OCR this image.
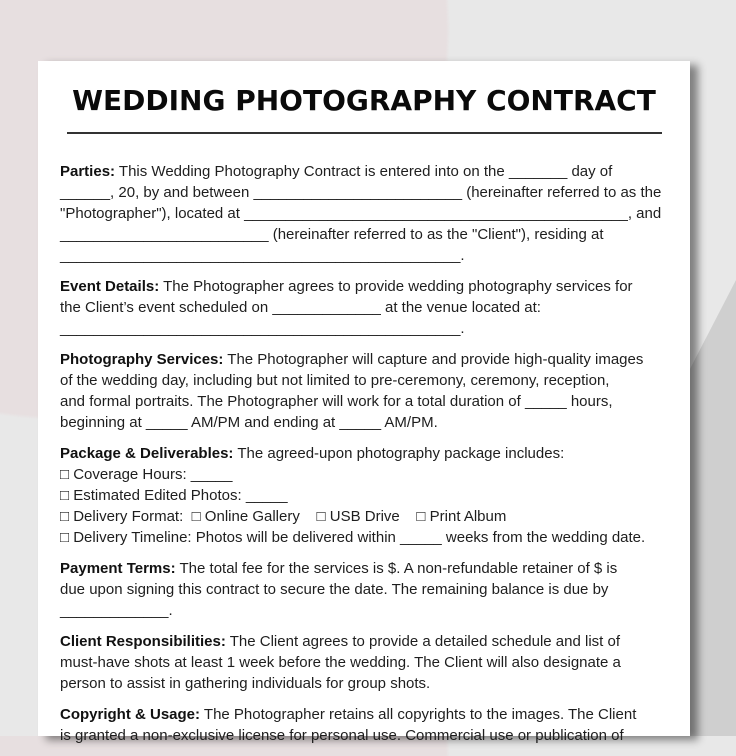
WEDDING PHOTOGRAPHY CONTRACT
Parties: This Wedding Photography Contract is entered into on the _______ day of
______, 20, by and between _________________________ (hereinafter referred to as the
"Photographer"), located at ______________________________________________, and
_________________________ (hereinafter referred to as the "Client"), residing at
________________________________________________.
Event Details: The Photographer agrees to provide wedding photography services for
the Client’s event scheduled on _____________ at the venue located at:
________________________________________________.
Photography Services: The Photographer will capture and provide high-quality images
of the wedding day, including but not limited to pre-ceremony, ceremony, reception,
and formal portraits. The Photographer will work for a total duration of _____ hours,
beginning at _____ AM/PM and ending at _____ AM/PM.
Package & Deliverables: The agreed-upon photography package includes:
□ Coverage Hours: _____
□ Estimated Edited Photos: _____
□ Delivery Format:  □ Online Gallery    □ USB Drive    □ Print Album
□ Delivery Timeline: Photos will be delivered within _____ weeks from the wedding date.
Payment Terms: The total fee for the services is $. A non-refundable retainer of $ is
due upon signing this contract to secure the date. The remaining balance is due by
_____________.
Client Responsibilities: The Client agrees to provide a detailed schedule and list of
must-have shots at least 1 week before the wedding. The Client will also designate a
person to assist in gathering individuals for group shots.
Copyright & Usage: The Photographer retains all copyrights to the images. The Client
is granted a non-exclusive license for personal use. Commercial use or publication of
